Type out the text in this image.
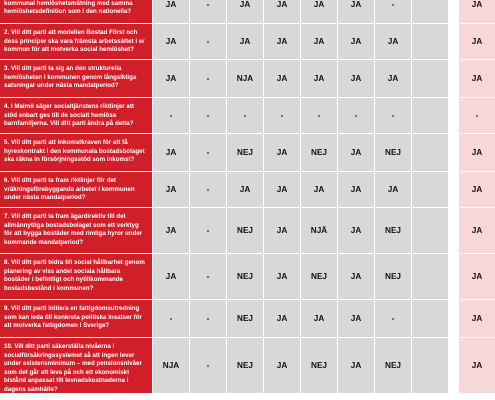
kommunal hemlöshetsmätning med samma hemlöshetsdefinition som i den nationella?
JA	-	JA	JA	JA	JA	-	JA
2. Vill ditt parti att modellen Bostad Först och dess principer ska vara främsta arbetssättet i er kommun för att motverka social hemlöshet?
JA	-	JA	JA	JA	JA	JA	JA
3. Vill ditt parti ta sig an den strukturella hemlösheten i kommunen genom långsiktiga satsningar under nästa mandatperiod?
JA	-	NJA	JA	JA	JA	JA	JA
4. I Malmö säger socialtjänstens riktlinjer att stöd enbart ges till de socialt hemlösa barnfamiljerna. Vill ditt parti ändra på detta?
-	-	-	-	-	-	-	-
5. Vill ditt parti att inkomstkraven för att få hyreskontrakt i den kommunala bostadsbolaget ska räkna in försörjningsstöd som inkomst?
JA	-	NEJ	JA	NEJ	JA	NEJ	JA
6. Vill ditt parti ta fram riktlinjer för det vräkningsförebyggande arbetet i kommunen under nästa mandatperiod?
JA	-	JA	JA	JA	JA	JA	JA
7. Vill ditt parti ta fram ägardirektiv till det allmännyttiga bostadsbolaget som ett verktyg för att bygga bostäder med rimliga hyror under kommande mandatperiod?
JA	-	NEJ	JA	NJÄ	JA	NEJ	JA
8. Vill ditt parti bidra till social hållbarhet genom planering av viss andel sociala hållbara bostäder i befintligt och nytillkommande bostadsbestånd i kommunen?
JA	-	NEJ	JA	NEJ	JA	NEJ	JA
9. Vill ditt parti initiera en fattigdomsutredning som kan leda till konkreta politiska insatser för att motverka fattigdomen i Sverige?
-	-	NEJ	JA	JA	JA	-	JA
10. Vill ditt parti säkerställa nivåerna i socialförsäkringssystemet så att ingen lever under existensminimum – med pensionsnivåer som det går att leva på och ett ekonomiskt bistånd anpassat till levnadskostnaderna i dagens samhälle?
NJA	-	NEJ	JA	NEJ	JA	NEJ	JA
